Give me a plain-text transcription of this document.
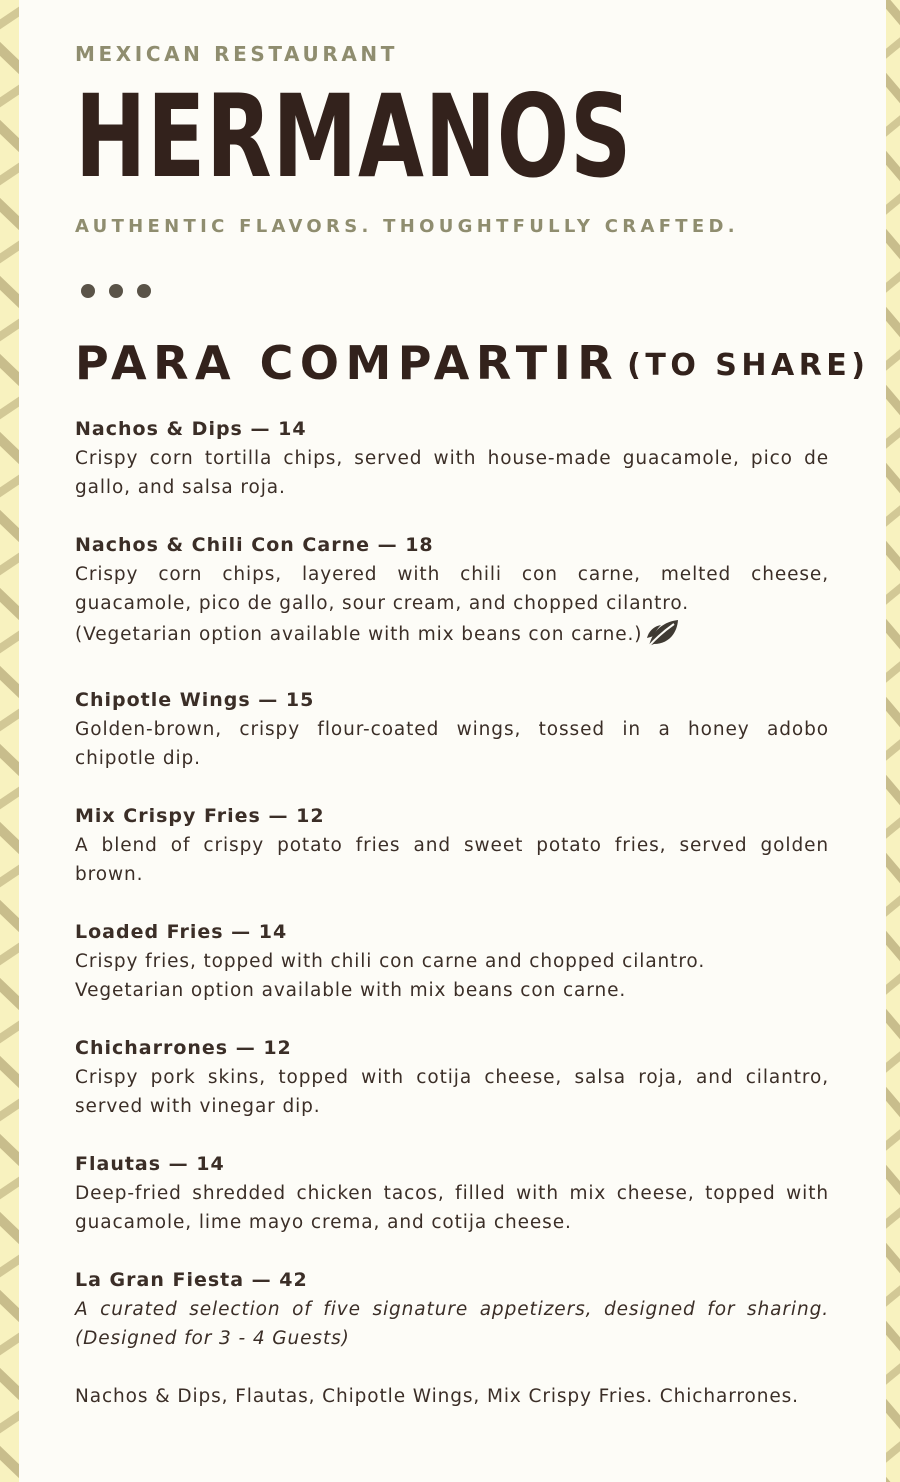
MEXICAN RESTAURANT
HERMANOS
AUTHENTIC FLAVORS. THOUGHTFULLY CRAFTED.
PARA COMPARTIR (TO SHARE)
Nachos & Dips — 14
Crispy corn tortilla chips, served with house-made guacamole, pico de gallo, and salsa roja.
Nachos & Chili Con Carne — 18
Crispy corn chips, layered with chili con carne, melted cheese, guacamole, pico de gallo, sour cream, and chopped cilantro.
(Vegetarian option available with mix beans con carne.)
Chipotle Wings — 15
Golden-brown, crispy flour-coated wings, tossed in a honey adobo chipotle dip.
Mix Crispy Fries — 12
A blend of crispy potato fries and sweet potato fries, served golden brown.
Loaded Fries — 14
Crispy fries, topped with chili con carne and chopped cilantro.
Vegetarian option available with mix beans con carne.
Chicharrones — 12
Crispy pork skins, topped with cotija cheese, salsa roja, and cilantro, served with vinegar dip.
Flautas — 14
Deep-fried shredded chicken tacos, filled with mix cheese, topped with guacamole, lime mayo crema, and cotija cheese.
La Gran Fiesta — 42
A curated selection of five signature appetizers, designed for sharing. (Designed for 3 - 4 Guests)
Nachos & Dips, Flautas, Chipotle Wings, Mix Crispy Fries. Chicharrones.
